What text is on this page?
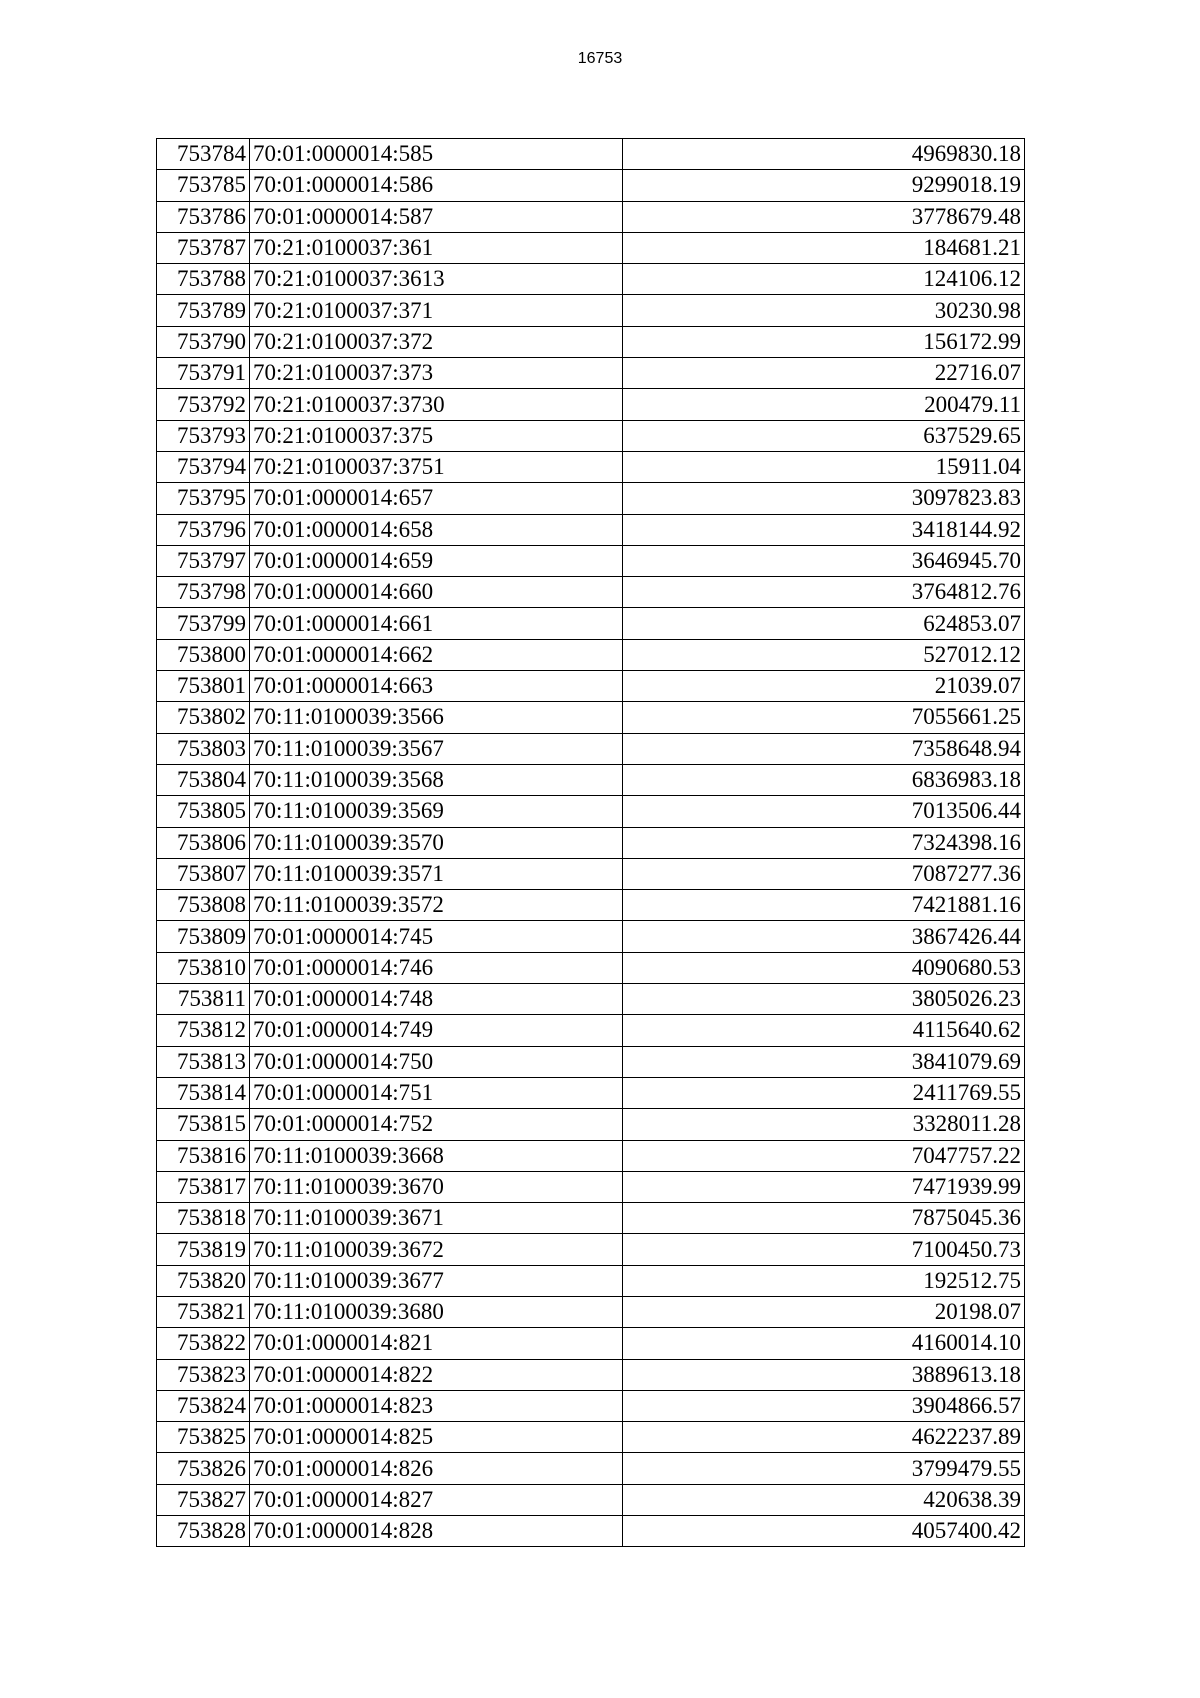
16753
753784	70:01:0000014:585	4969830.18
753785	70:01:0000014:586	9299018.19
753786	70:01:0000014:587	3778679.48
753787	70:21:0100037:361	184681.21
753788	70:21:0100037:3613	124106.12
753789	70:21:0100037:371	30230.98
753790	70:21:0100037:372	156172.99
753791	70:21:0100037:373	22716.07
753792	70:21:0100037:3730	200479.11
753793	70:21:0100037:375	637529.65
753794	70:21:0100037:3751	15911.04
753795	70:01:0000014:657	3097823.83
753796	70:01:0000014:658	3418144.92
753797	70:01:0000014:659	3646945.70
753798	70:01:0000014:660	3764812.76
753799	70:01:0000014:661	624853.07
753800	70:01:0000014:662	527012.12
753801	70:01:0000014:663	21039.07
753802	70:11:0100039:3566	7055661.25
753803	70:11:0100039:3567	7358648.94
753804	70:11:0100039:3568	6836983.18
753805	70:11:0100039:3569	7013506.44
753806	70:11:0100039:3570	7324398.16
753807	70:11:0100039:3571	7087277.36
753808	70:11:0100039:3572	7421881.16
753809	70:01:0000014:745	3867426.44
753810	70:01:0000014:746	4090680.53
753811	70:01:0000014:748	3805026.23
753812	70:01:0000014:749	4115640.62
753813	70:01:0000014:750	3841079.69
753814	70:01:0000014:751	2411769.55
753815	70:01:0000014:752	3328011.28
753816	70:11:0100039:3668	7047757.22
753817	70:11:0100039:3670	7471939.99
753818	70:11:0100039:3671	7875045.36
753819	70:11:0100039:3672	7100450.73
753820	70:11:0100039:3677	192512.75
753821	70:11:0100039:3680	20198.07
753822	70:01:0000014:821	4160014.10
753823	70:01:0000014:822	3889613.18
753824	70:01:0000014:823	3904866.57
753825	70:01:0000014:825	4622237.89
753826	70:01:0000014:826	3799479.55
753827	70:01:0000014:827	420638.39
753828	70:01:0000014:828	4057400.42
